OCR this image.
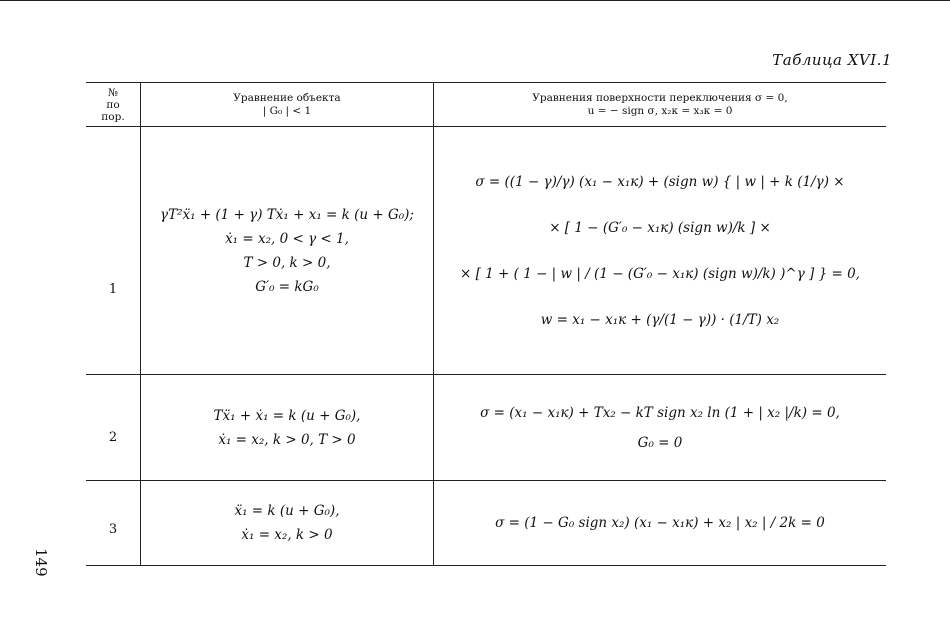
Таблица XVI.1
149
№
по
пор.	Уравнение объекта
| G₀ | < 1	Уравнения поверхности переключения σ = 0,
u = − sign σ, x₂к = x₃к = 0

1	γT²ẍ₁ + (1 + γ) Tẋ₁ + x₁ = k (u + G₀);
ẋ₁ = x₂, 0 < γ < 1,
T > 0, k > 0,
G′₀ = kG₀	σ = ((1 − γ)/γ) (x₁ − x₁к) + (sign w) { | w | + k (1/γ) ×
× [ 1 − (G′₀ − x₁к) (sign w)/k ] ×
× [ 1 + ( 1 − | w | / (1 − (G′₀ − x₁к) (sign w)/k) )^γ ] } = 0,
w = x₁ − x₁к + (γ/(1 − γ)) · (1/T) x₂

2	Tẍ₁ + ẋ₁ = k (u + G₀),
ẋ₁ = x₂, k > 0, T > 0	σ = (x₁ − x₁к) + Tx₂ − kT sign x₂ ln (1 + | x₂ |/k) = 0,
G₀ = 0

3	ẍ₁ = k (u + G₀),
ẋ₁ = x₂, k > 0	σ = (1 − G₀ sign x₂) (x₁ − x₁к) + x₂ | x₂ | / 2k = 0
